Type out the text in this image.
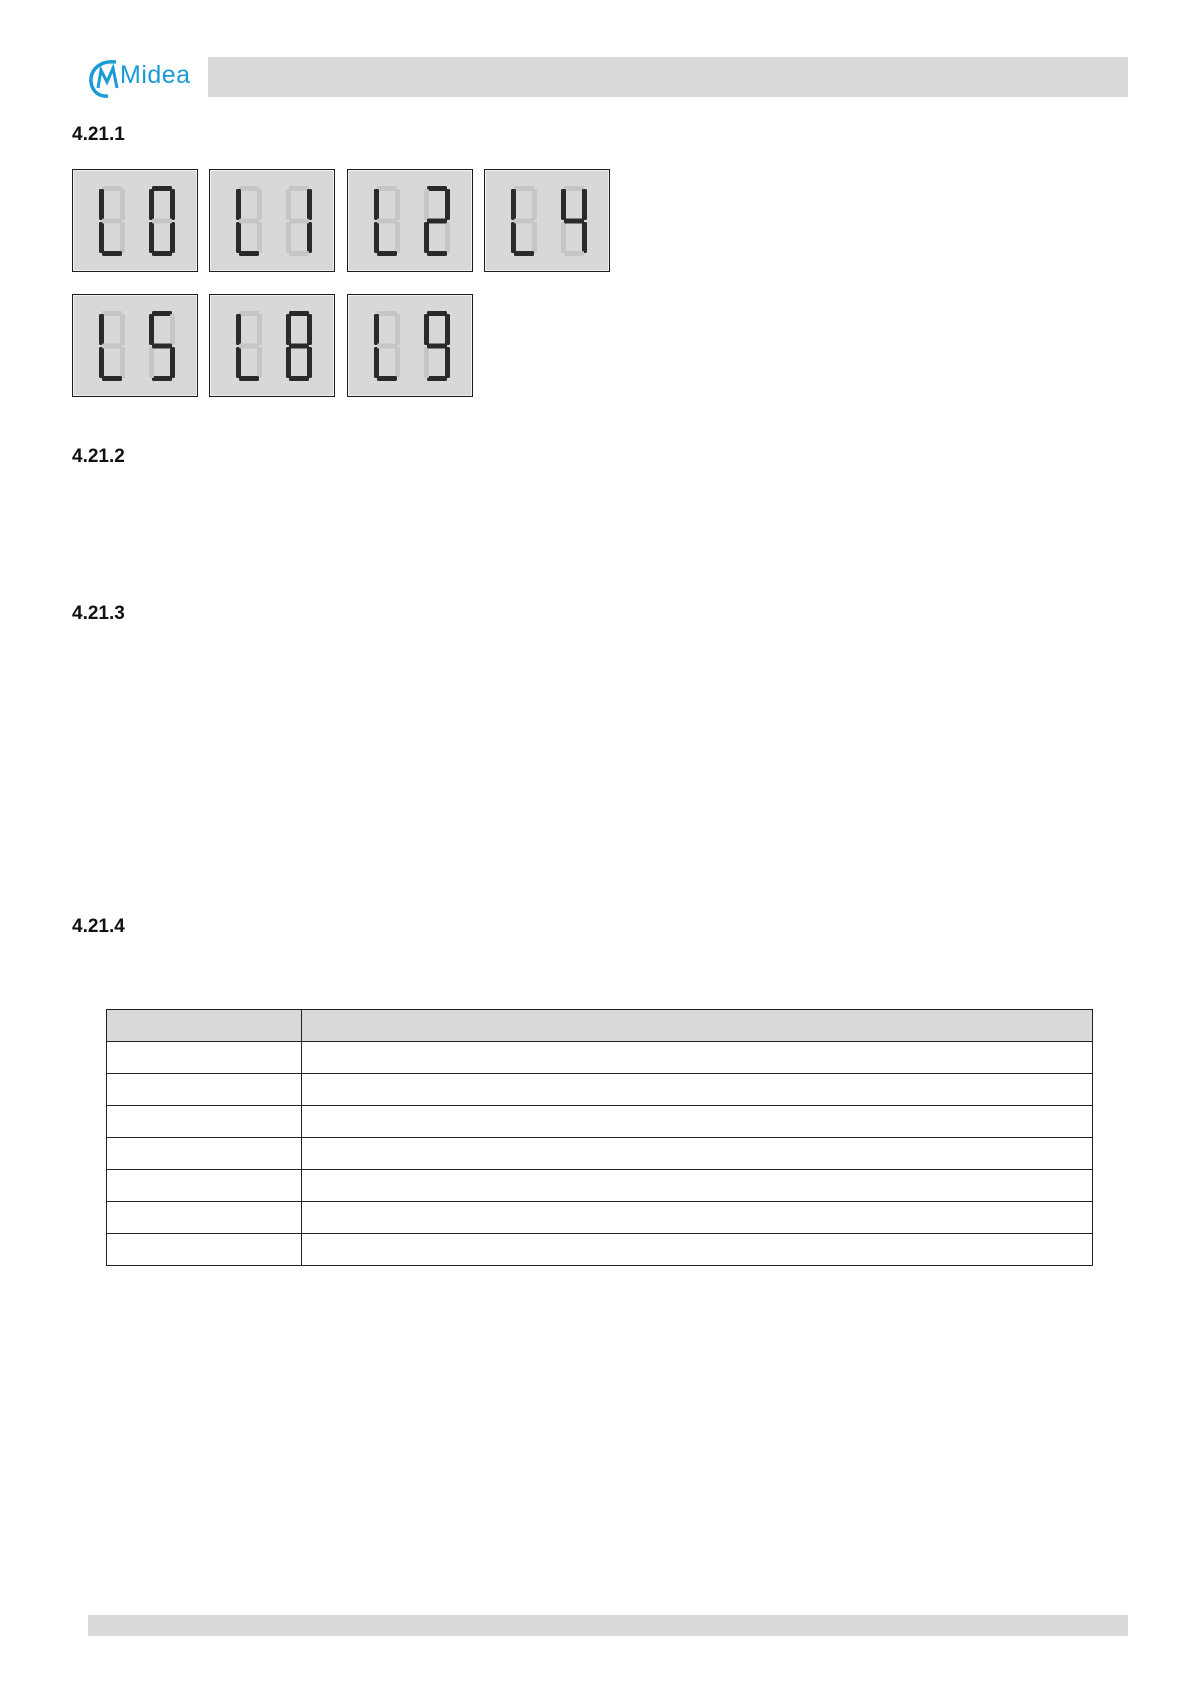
Midea
4.21.1
4.21.2
4.21.3
4.21.4
